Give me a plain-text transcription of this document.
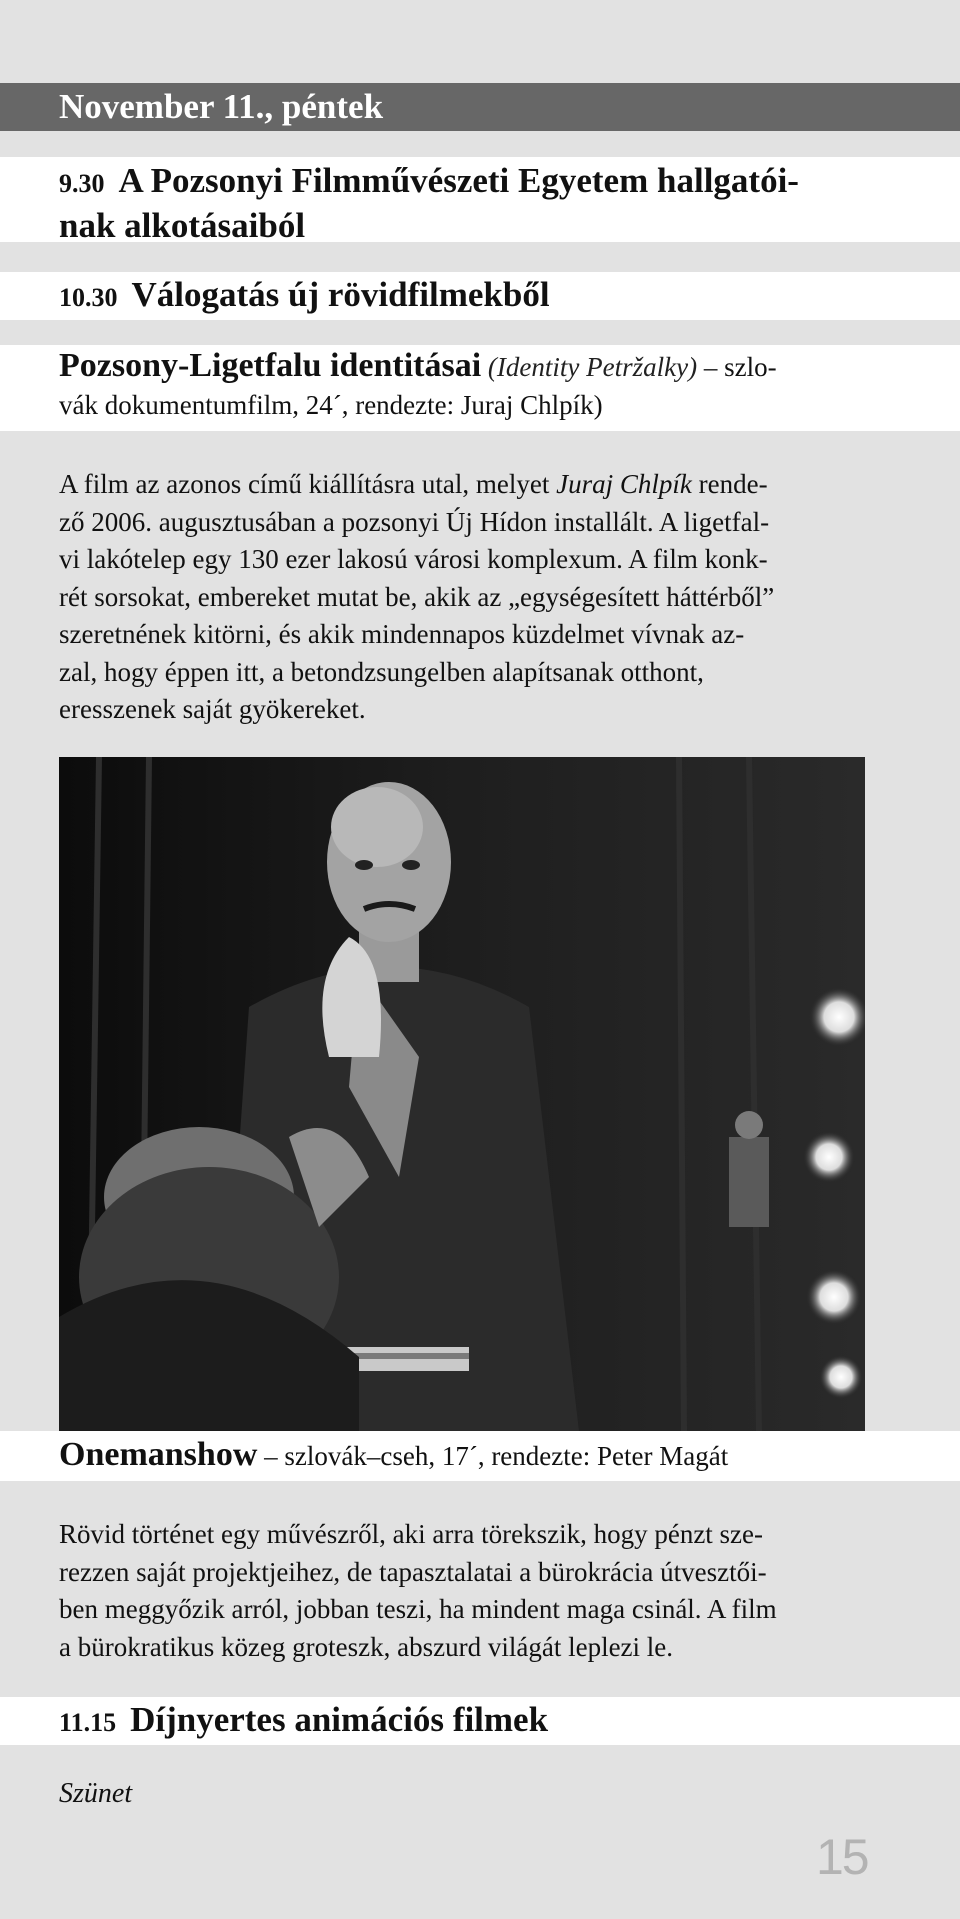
November 11., péntek
9.30 A Pozsonyi Filmművészeti Egyetem hallgatói-
nak alkotásaiból
10.30 Válogatás új rövidfilmekből
Pozsony-Ligetfalu identitásai (Identity Petržalky) – szlo-
vák dokumentumfilm, 24´, rendezte: Juraj Chlpík)
A film az azonos című kiállításra utal, melyet Juraj Chlpík rende-
ző 2006. augusztusában a pozsonyi Új Hídon installált. A ligetfal-
vi lakótelep egy 130 ezer lakosú városi komplexum. A film konk-
rét sorsokat, embereket mutat be, akik az „egységesített háttérből”
szeretnének kitörni, és akik mindennapos küzdelmet vívnak az-
zal, hogy éppen itt, a betondzsungelben alapítsanak otthont,
eresszenek saját gyökereket.
Onemanshow – szlovák–cseh, 17´, rendezte: Peter Magát
Rövid történet egy művészről, aki arra törekszik, hogy pénzt sze-
rezzen saját projektjeihez, de tapasztalatai a bürokrácia útvesztői-
ben meggyőzik arról, jobban teszi, ha mindent maga csinál. A film
a bürokratikus közeg groteszk, abszurd világát leplezi le.
11.15 Díjnyertes animációs filmek
Szünet
15
